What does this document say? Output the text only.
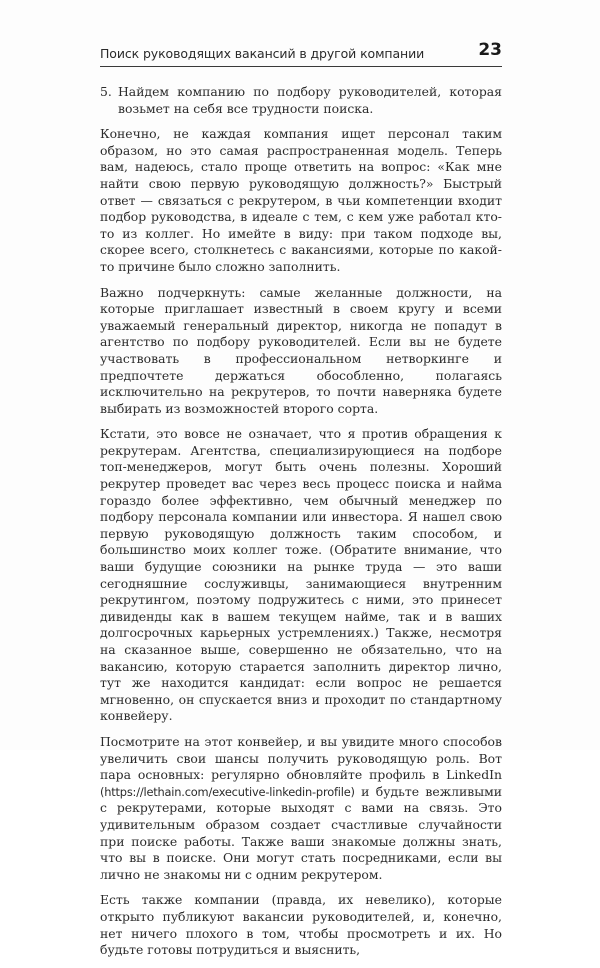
Поиск руководящих вакансий в другой компании	23
5. Найдем компанию по подбору руководителей, которая возьмет на себя все трудности поиска.

Конечно, не каждая компания ищет персонал таким образом, но это самая распространенная модель. Теперь вам, надеюсь, стало проще ответить на вопрос: «Как мне найти свою первую руководящую должность?» Быстрый ответ — связаться с рекрутером, в чьи компетенции входит подбор руководства, в идеале с тем, с кем уже работал кто-то из коллег. Но имейте в виду: при таком подходе вы, скорее всего, столкнетесь с вакансиями, которые по какой-то причине было сложно заполнить.

Важно подчеркнуть: самые желанные должности, на которые приглашает известный в своем кругу и всеми уважаемый генеральный директор, никогда не попадут в агентство по подбору руководителей. Если вы не будете участвовать в профессиональном нетворкинге и предпочтете держаться обособленно, полагаясь исключительно на рекрутеров, то почти наверняка будете выбирать из возможностей второго сорта.

Кстати, это вовсе не означает, что я против обращения к рекрутерам. Агентства, специализирующиеся на подборе топ-менеджеров, могут быть очень полезны. Хороший рекрутер проведет вас через весь процесс поиска и найма гораздо более эффективно, чем обычный менеджер по подбору персонала компании или инвестора. Я нашел свою первую руководящую должность таким способом, и большинство моих коллег тоже. (Обратите внимание, что ваши будущие союзники на рынке труда — это ваши сегодняшние сослуживцы, занимающиеся внутренним рекрутингом, поэтому подружитесь с ними, это принесет дивиденды как в вашем текущем найме, так и в ваших долгосрочных карьерных устремлениях.) Также, несмотря на сказанное выше, совершенно не обязательно, что на вакансию, которую старается заполнить директор лично, тут же находится кандидат: если вопрос не решается мгновенно, он спускается вниз и проходит по стандартному конвейеру.

Посмотрите на этот конвейер, и вы увидите много способов увеличить свои шансы получить руководящую роль. Вот пара основных: регулярно обновляйте профиль в LinkedIn (https://lethain.com/executive-linkedin-profile) и будьте вежливыми с рекрутерами, которые выходят с вами на связь. Это удивительным образом создает счастливые случайности при поиске работы. Также ваши знакомые должны знать, что вы в поиске. Они могут стать посредниками, если вы лично не знакомы ни с одним рекрутером.

Есть также компании (правда, их невелико), которые открыто публикуют вакансии руководителей, и, конечно, нет ничего плохого в том, чтобы просмотреть и их. Но будьте готовы потрудиться и выяснить,
